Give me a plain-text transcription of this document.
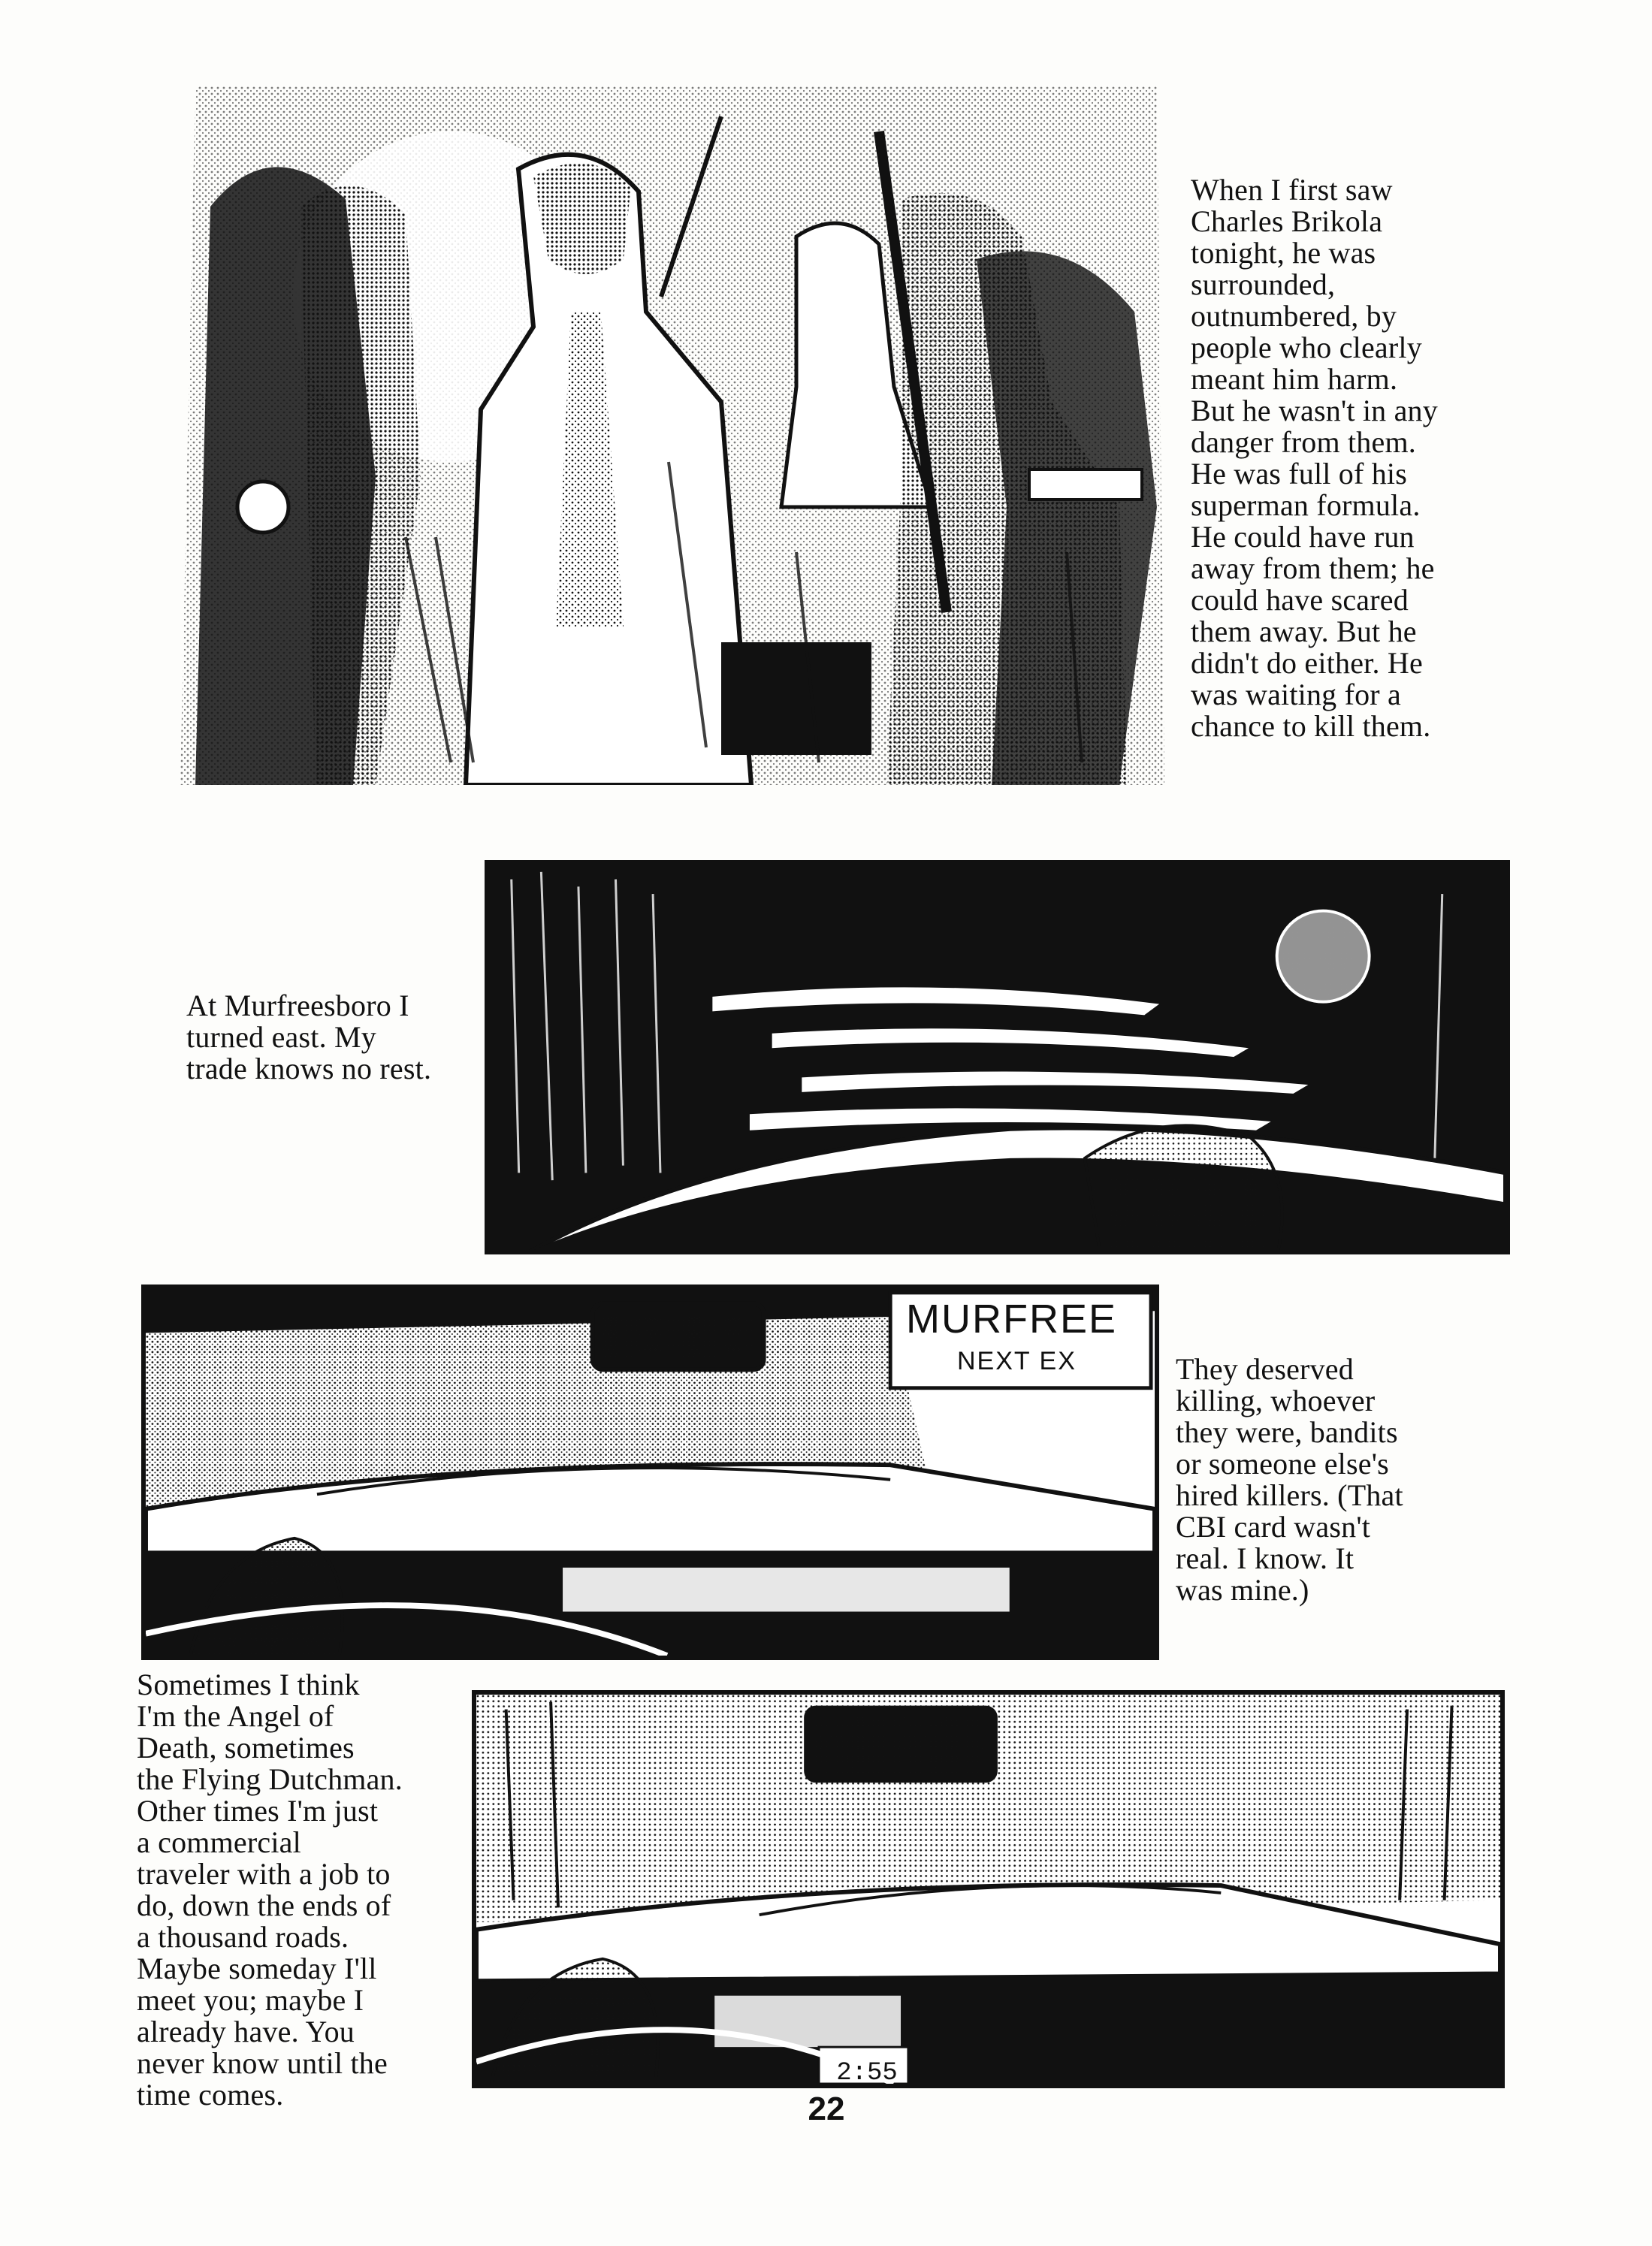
When I first saw
Charles Brikola
tonight, he was
surrounded,
outnumbered, by
people who clearly
meant him harm.
But he wasn't in any
danger from them.
He was full of his
superman formula.
He could have run
away from them; he
could have scared
them away. But he
didn't do either. He
was waiting for a
chance to kill them.
At Murfreesboro I
turned east. My
trade knows no rest.
MURFREE
NEXT EX	They deserved
killing, whoever
they were, bandits
or someone else's
hired killers. (That
CBI card wasn't
real. I know. It
was mine.)
2:55
Sometimes I think
I'm the Angel of
Death, sometimes
the Flying Dutchman.
Other times I'm just
a commercial
traveler with a job to
do, down the ends of
a thousand roads.
Maybe someday I'll
meet you; maybe I
already have. You
never know until the
time comes.	22
